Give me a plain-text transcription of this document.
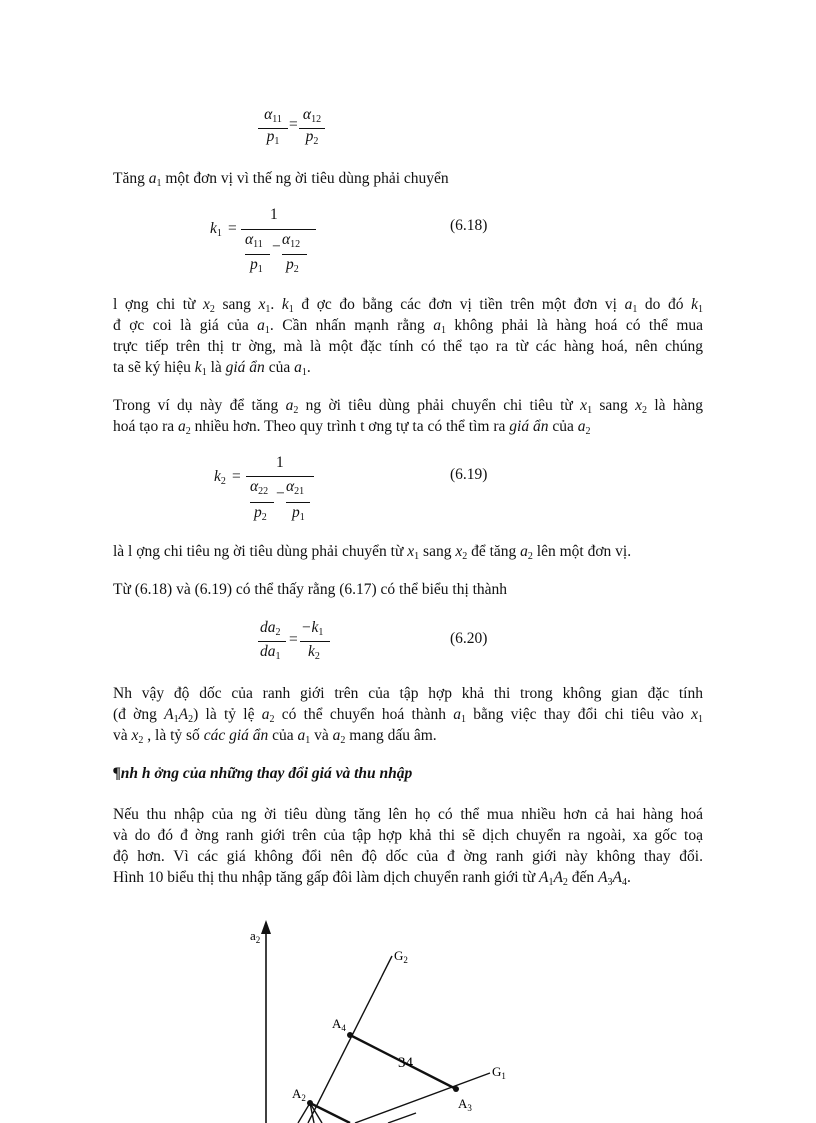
$\alpha_{11}$
$p_1$
=
$\alpha_{12}$
$p_2$
Tăng $a_1$ một đơn vị vì thế ng ời tiêu dùng phải chuyển
$k_1$ =
1
$\alpha_{11} - \alpha_{12}$
$p_1$ $p_2$
(6.18)
l ợng chi từ $x_2$ sang $x_1$. $k_1$ đ ợc đo bằng các đơn vị tiền trên một đơn vị $a_1$ do đó $k_1$
đ ợc coi là giá của $a_1$. Cần nhấn mạnh rằng $a_1$ không phải là hàng hoá có thể mua
trực tiếp trên thị tr ờng, mà là một đặc tính có thể tạo ra từ các hàng hoá, nên chúng
ta sẽ ký hiệu $k_1$ là giá ẩn của $a_1$.
Trong ví dụ này để tăng $a_2$ ng ời tiêu dùng phải chuyển chi tiêu từ $x_1$ sang $x_2$ là hàng
hoá tạo ra $a_2$ nhiều hơn. Theo quy trình t ơng tự ta có thể tìm ra giá ẩn của $a_2$
$k_2$ =
1
$\alpha_{22} - \alpha_{21}$
$p_2$ $p_1$
(6.19)
là l ợng chi tiêu ng ời tiêu dùng phải chuyển từ $x_1$ sang $x_2$ để tăng $a_2$ lên một đơn vị.
Từ (6.18) và (6.19) có thể thấy rằng (6.17) có thể biểu thị thành
$da_2$
$da_1$
=
$-k_1$
$k_2$
(6.20)
Nh vậy độ dốc của ranh giới trên của tập hợp khả thi trong không gian đặc tính
(đ ờng $A_1A_2$) là tỷ lệ $a_2$ có thể chuyển hoá thành $a_1$ bằng việc thay đổi chi tiêu vào $x_1$
và $x_2$ , là tỷ số các giá ẩn của $a_1$ và $a_2$ mang dấu âm.
¶nh h ởng của những thay đổi giá và thu nhập
Nếu thu nhập của ng ời tiêu dùng tăng lên họ có thể mua nhiều hơn cả hai hàng hoá
và do đó đ ờng ranh giới trên của tập hợp khả thi sẽ dịch chuyển ra ngoài, xa gốc toạ
độ hơn. Vì các giá không đổi nên độ dốc của đ ờng ranh giới này không thay đổi.
Hình 10 biểu thị thu nhập tăng gấp đôi làm dịch chuyển ranh giới từ $A_1A_2$ đến $A_3A_4$.
$a_2$
$G_2$
$G_1$
$A_4$
$A_3$
$A_2$
34
